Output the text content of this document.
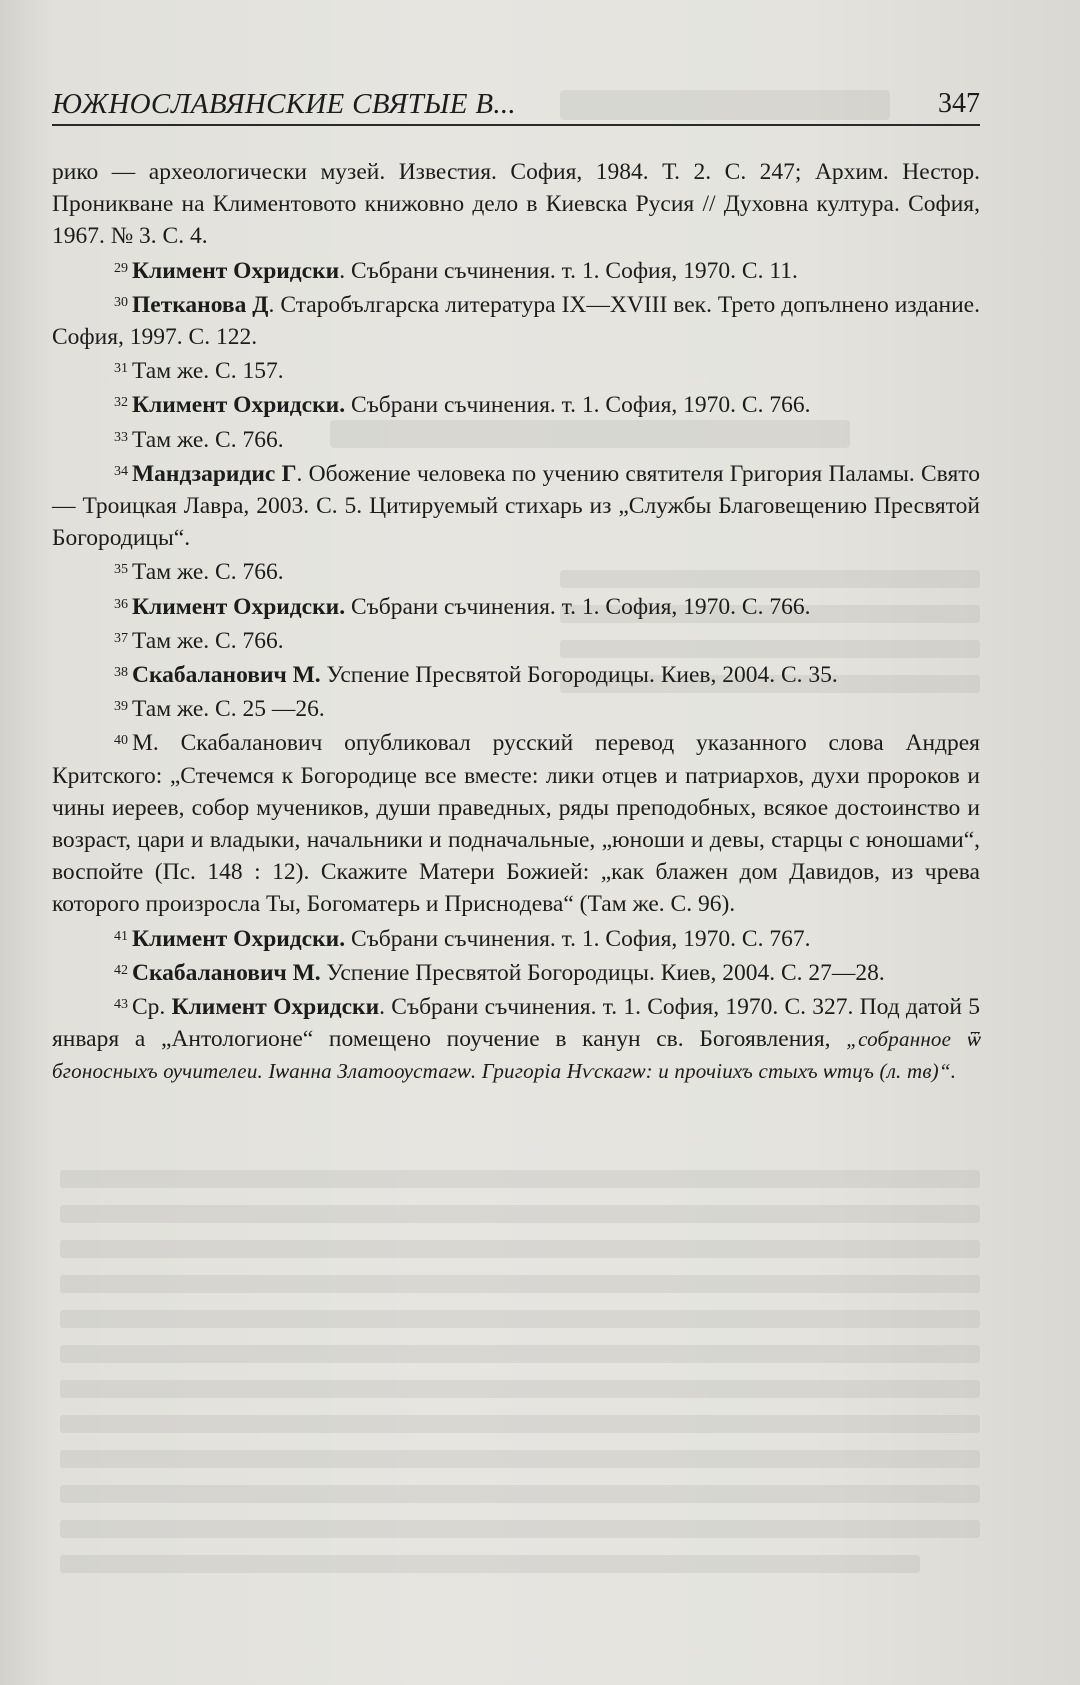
ЮЖНОСЛАВЯНСКИЕ СВЯТЫЕ В...	347

рико — археологически музей. Известия. София, 1984. Т. 2. С. 247; Архим. Нестор. Проникване на Климентовото книжовно дело в Киевска Русия // Духовна култура. София, 1967. № 3. С. 4.

$^{29}$ Климент Охридски. Събрани съчинения. т. 1. София, 1970. С. 11.

$^{30}$ Петканова Д. Старобългарска литература IX—XVIII век. Трето допълнено издание. София, 1997. С. 122.

$^{31}$ Там же. С. 157.

$^{32}$ Климент Охридски. Събрани съчинения. т. 1. София, 1970. С. 766.

$^{33}$ Там же. С. 766.

$^{34}$ Мандзаридис Г. Обожение человека по учению святителя Григория Паламы. Свято — Троицкая Лавра, 2003. С. 5. Цитируемый стихарь из „Службы Благовещению Пресвятой Богородицы“.

$^{35}$ Там же. С. 766.

$^{36}$ Климент Охридски. Събрани съчинения. т. 1. София, 1970. С. 766.

$^{37}$ Там же. С. 766.

$^{38}$ Скабаланович М. Успение Пресвятой Богородицы. Киев, 2004. С. 35.

$^{39}$ Там же. С. 25 —26.

$^{40}$ М. Скабаланович опубликовал русский перевод указанного слова Андрея Критского: „Стечемся к Богородице все вместе: лики отцев и патриархов, духи пророков и чины иереев, собор мучеников, души праведных, ряды преподобных, всякое достоинство и возраст, цари и владыки, начальники и подначальные, „юноши и девы, старцы с юношами“, воспойте (Пс. 148 : 12). Скажите Матери Божией: „как блажен дом Давидов, из чрева которого произросла Ты, Богоматерь и Приснодева“ (Там же. С. 96).

$^{41}$ Климент Охридски. Събрани съчинения. т. 1. София, 1970. С. 767.

$^{42}$ Скабаланович М. Успение Пресвятой Богородицы. Киев, 2004. С. 27—28.

$^{43}$ Ср. Климент Охридски. Събрани съчинения. т. 1. София, 1970. С. 327. Под датой 5 января а „Антологионе“ помещено поучение в канун св. Богоявления, „собранное ѿ бгоносныхъ ѹчителеи. Іѡанна Златоѹстагѡ. Григоріа Нѵскагѡ: и прочіихъ стыхъ ѡтцъ (л. тв)“.
